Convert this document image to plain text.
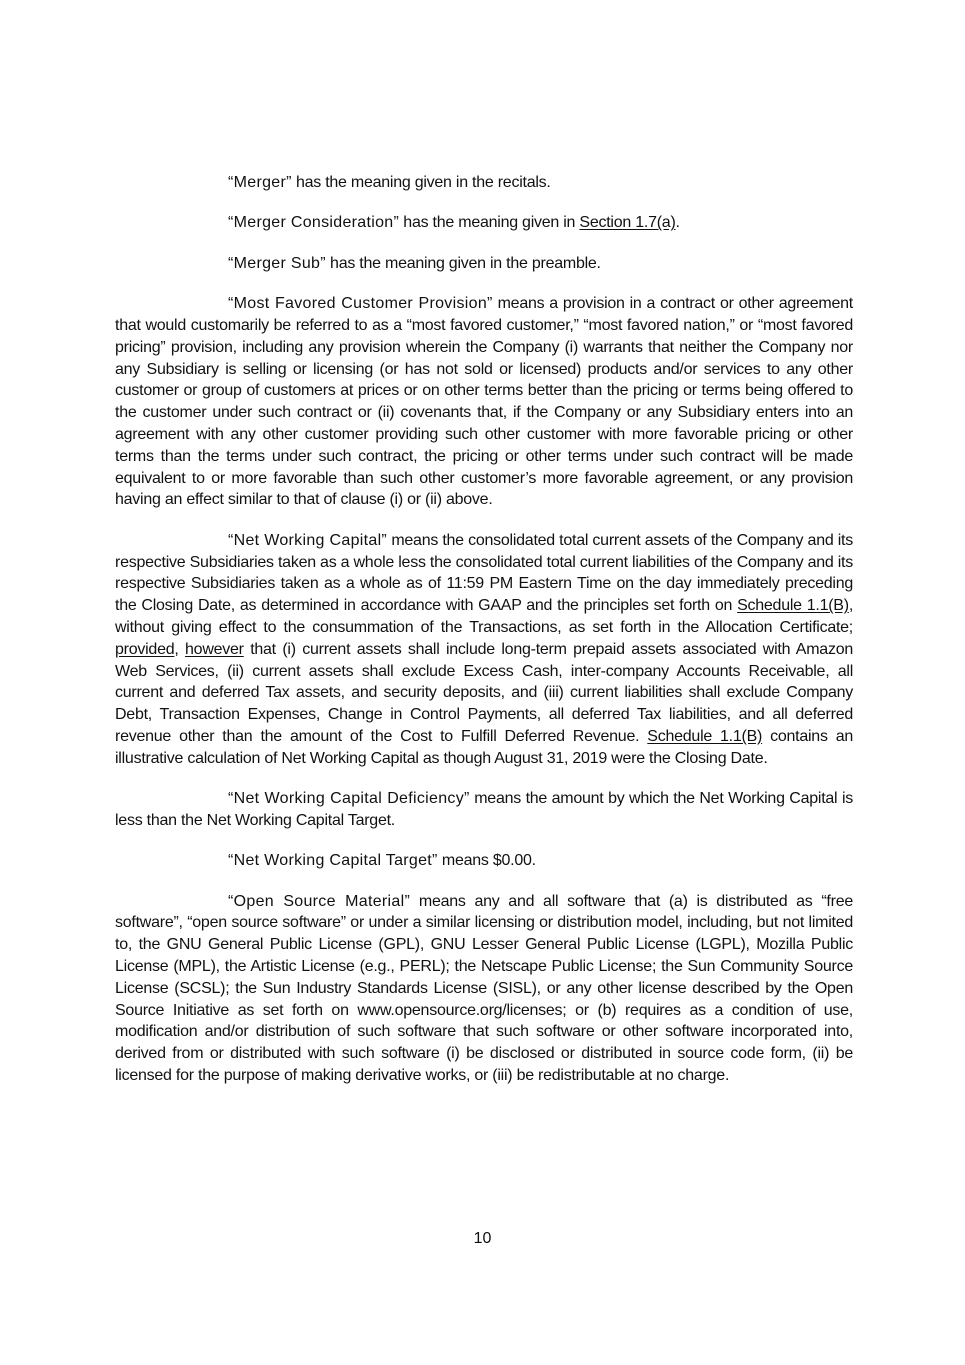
“Merger” has the meaning given in the recitals.

“Merger Consideration” has the meaning given in Section 1.7(a).

“Merger Sub” has the meaning given in the preamble.

“Most Favored Customer Provision” means a provision in a contract or other agreement that would customarily be referred to as a “most favored customer,” “most favored nation,” or “most favored pricing” provision, including any provision wherein the Company (i) warrants that neither the Company nor any Subsidiary is selling or licensing (or has not sold or licensed) products and/or services to any other customer or group of customers at prices or on other terms better than the pricing or terms being offered to the customer under such contract or (ii) covenants that, if the Company or any Subsidiary enters into an agreement with any other customer providing such other customer with more favorable pricing or other terms than the terms under such contract, the pricing or other terms under such contract will be made equivalent to or more favorable than such other customer’s more favorable agreement, or any provision having an effect similar to that of clause (i) or (ii) above.

“Net Working Capital” means the consolidated total current assets of the Company and its respective Subsidiaries taken as a whole less the consolidated total current liabilities of the Company and its respective Subsidiaries taken as a whole as of 11:59 PM Eastern Time on the day immediately preceding the Closing Date, as determined in accordance with GAAP and the principles set forth on Schedule 1.1(B), without giving effect to the consummation of the Transactions, as set forth in the Allocation Certificate; provided, however that (i) current assets shall include long-term prepaid assets associated with Amazon Web Services, (ii) current assets shall exclude Excess Cash, inter-company Accounts Receivable, all current and deferred Tax assets, and security deposits, and (iii) current liabilities shall exclude Company Debt, Transaction Expenses, Change in Control Payments, all deferred Tax liabilities, and all deferred revenue other than the amount of the Cost to Fulfill Deferred Revenue. Schedule 1.1(B) contains an illustrative calculation of Net Working Capital as though August 31, 2019 were the Closing Date.

“Net Working Capital Deficiency” means the amount by which the Net Working Capital is less than the Net Working Capital Target.

“Net Working Capital Target” means $0.00.

“Open Source Material” means any and all software that (a) is distributed as “free software”, “open source software” or under a similar licensing or distribution model, including, but not limited to, the GNU General Public License (GPL), GNU Lesser General Public License (LGPL), Mozilla Public License (MPL), the Artistic License (e.g., PERL); the Netscape Public License; the Sun Community Source License (SCSL); the Sun Industry Standards License (SISL), or any other license described by the Open Source Initiative as set forth on www.opensource.org/licenses; or (b) requires as a condition of use, modification and/or distribution of such software that such software or other software incorporated into, derived from or distributed with such software (i) be disclosed or distributed in source code form, (ii) be licensed for the purpose of making derivative works, or (iii) be redistributable at no charge.

10
